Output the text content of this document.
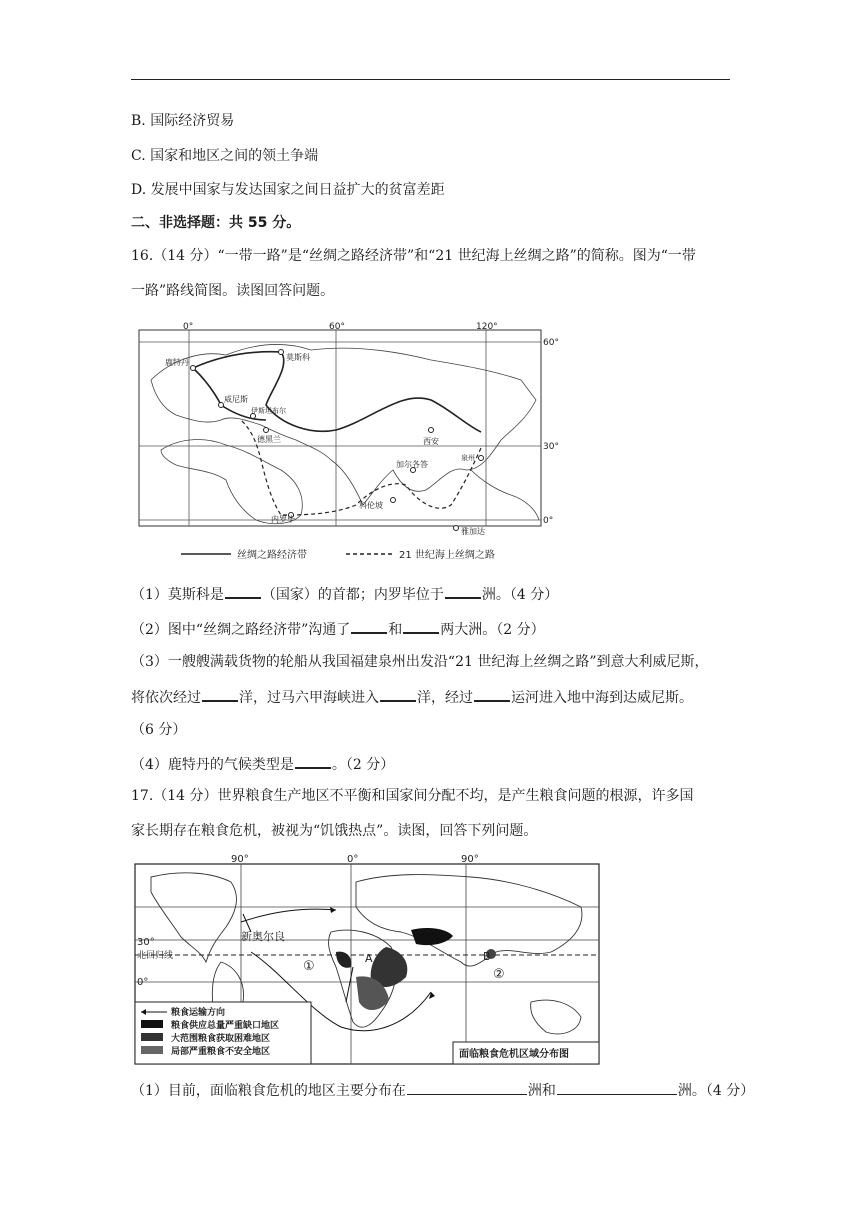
B. 国际经济贸易
C. 国家和地区之间的领土争端
D. 发展中国家与发达国家之间日益扩大的贫富差距
二、非选择题：共 55 分。
16.（14 分）“一带一路”是“丝绸之路经济带”和“21 世纪海上丝绸之路”的简称。图为“一带
一路”路线简图。读图回答问题。
0°	60°	120°
60°
30°
0°
莫斯科
鹿特丹
威尼斯
伊斯坦布尔
德黑兰	西安
泉州
加尔各答
科伦坡
内罗毕
雅加达
丝绸之路经济带	21 世纪海上丝绸之路
（1）莫斯科是	（国家）的首都；内罗毕位于	洲。（4 分）
（2）图中“丝绸之路经济带”沟通了	和	两大洲。（2 分）
（3）一艘艘满载货物的轮船从我国福建泉州出发沿“21 世纪海上丝绸之路”到意大利威尼斯，
将依次经过	洋，过马六甲海峡进入	洋，经过	运河进入地中海到达威尼斯。
（6 分）
（4）鹿特丹的气候类型是	。（2 分）
17.（14 分）世界粮食生产地区不平衡和国家间分配不均，是产生粮食问题的根源，许多国
家长期存在粮食危机，被视为“饥饿热点”。读图，回答下列问题。
90°	0°	90°
30°
北回归线
0°
新奥尔良
①
②
A	B
粮食运输方向
粮食供应总量严重缺口地区
大范围粮食获取困难地区
局部严重粮食不安全地区	面临粮食危机区域分布图
（1）目前，面临粮食危机的地区主要分布在	洲和	洲。（4 分）
